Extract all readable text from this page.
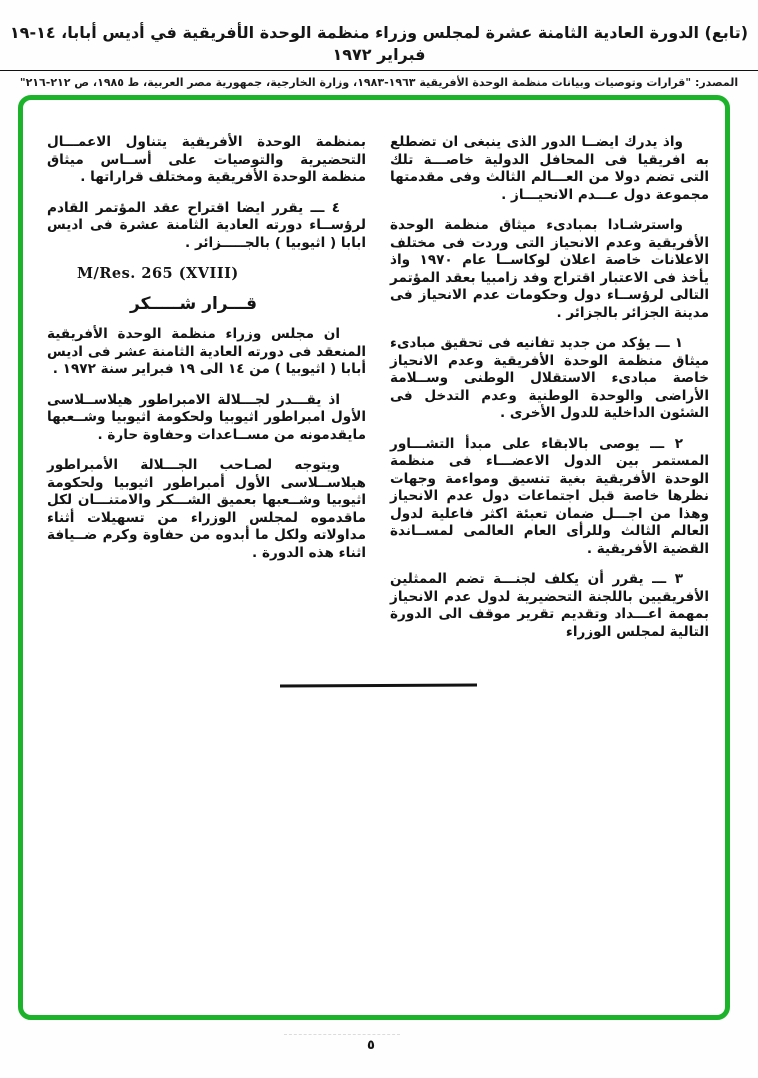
(تابع) الدورة العادية الثامنة عشرة لمجلس وزراء منظمة الوحدة الأفريقية في أديس أبابا، ١٤-١٩ فبراير ١٩٧٢
المصدر: "قرارات وتوصيات وبيانات منظمة الوحدة الأفريقية ١٩٦٣-١٩٨٣، وزارة الخارجية، جمهورية مصر العربية، ط ١٩٨٥، ص ٢١٢-٢١٦"

واذ يدرك ايضــا الدور الذى ينبغى ان تضطلع به افريقيا فى المحافل الدولية خاصـــة تلك التى تضم دولا من العـــالم الثالث وفى مقدمتها مجموعة دول عـــدم الانحيـــاز .

واسترشـادا بمبادىء ميثاق منظمة الوحدة الأفريقية وعدم الانحياز التى وردت فى مختلف الاعلانات خاصة اعلان لوكاســا عام ١٩٧٠ واذ يأخذ فى الاعتبار اقتراح وفد زامبيا بعقد المؤتمر التالى لرؤســاء دول وحكومات عدم الانحياز فى مدينة الجزائر بالجزائر .

١ ـــ يؤكد من جديد تفانيه فى تحقيق مبادىء ميثاق منظمة الوحدة الأفريقية وعدم الانحياز خاصة مبادىء الاستقلال الوطنى وســلامة الأراضى والوحدة الوطنية وعدم التدخل فى الشئون الداخلية للدول الأخرى .

٢ ـــ يوصى بالابقاء على مبدأ التشـــاور المستمر بين الدول الاعضـــاء فى منظمة الوحدة الأفريقية بغية تنسيق ومواءمة وجهات نظرها خاصة قبل اجتماعات دول عدم الانحياز وهذا من اجـــل ضمان تعبئة اكثر فاعلية لدول العالم الثالث وللرأى العام العالمى لمســاندة القضية الأفريقية .

٣ ـــ يقرر أن يكلف لجنـــة تضم الممثلين الأفريقيين باللجنة التحضيرية لدول عدم الانحياز بمهمة اعـــداد وتقديم تقرير موقف الى الدورة التالية لمجلس الوزراء

بمنظمة الوحدة الأفريقية يتناول الاعمـــال التحضيرية والتوصيات على أســاس ميثاق منظمة الوحدة الأفريقية ومختلف قراراتها .

٤ ـــ يقرر ايضا اقتراح عقد المؤتمر القادم لرؤســاء دورته العادية الثامنة عشرة فى اديس ابابا ( اثيوبيا ) بالجـــــزائر .

M/Res. 265 (XVIII)

قـــرار شـــــكر

ان مجلس وزراء منظمة الوحدة الأفريقية المنعقد فى دورته العادية الثامنة عشر فى اديس أبابا ( اثيوبيا ) من ١٤ الى ١٩ فبراير سنة ١٩٧٢ .

اذ يقـــدر لجـــلالة الامبراطور هيلاســلاسى الأول امبراطور اثيوبيا ولحكومة اثيوبيا وشــعبها مايقدمونه من مســاعدات وحفاوة حارة .

ويتوجه لصـاحب الجـــلالة الأمبراطور هيلاســلاسى الأول أمبراطور اثيوبيا ولحكومة اثيوبيا وشــعبها بعميق الشـــكر والامتنـــان لكل ماقدموه لمجلس الوزراء من تسهيلات أثناء مداولاته ولكل ما أبدوه من حفاوة وكرم ضــيافة اثناء هذه الدورة .

٥
